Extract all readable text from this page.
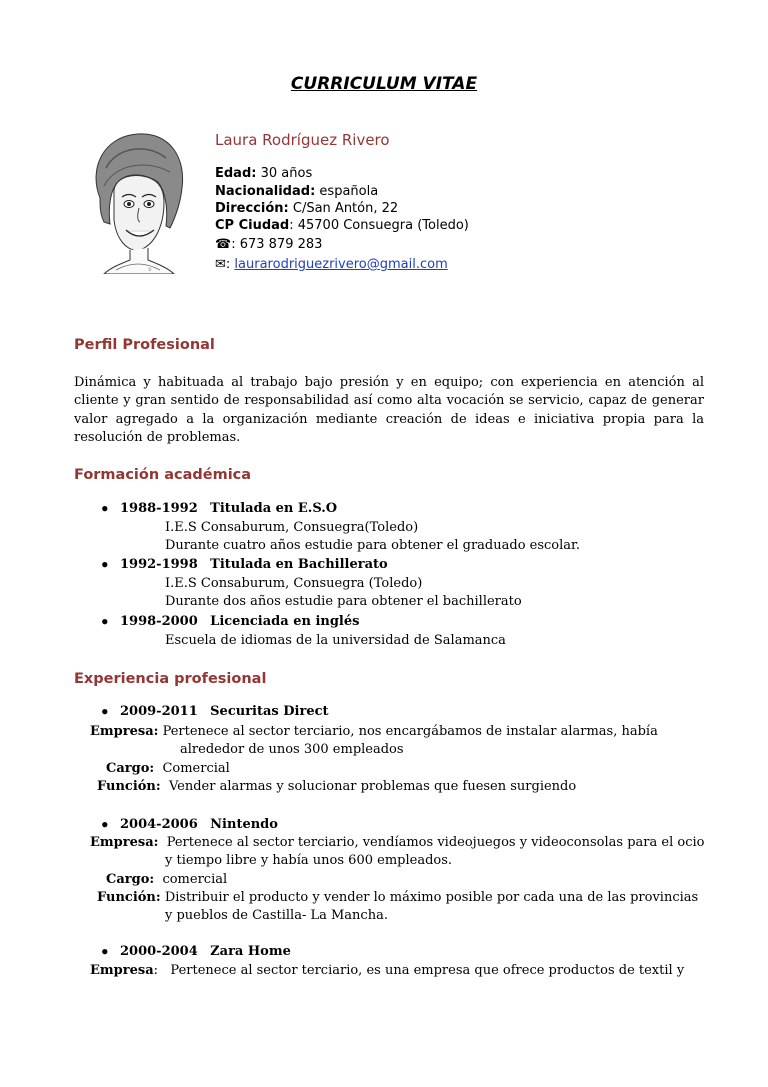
CURRICULUM VITAE
©
Laura Rodríguez Rivero
Edad: 30 años
Nacionalidad: española
Dirección: C/San Antón, 22
CP Ciudad: 45700 Consuegra (Toledo)
☎: 673 879 283
✉: laurarodriguezrivero@gmail.com
Perfil Profesional
Dinámica y habituada al trabajo bajo presión y en equipo; con experiencia en atención al cliente y gran sentido de responsabilidad así como alta vocación se servicio, capaz de generar valor agregado a la organización mediante creación de ideas e iniciativa propia para la resolución de problemas.
Formación académica
• 1988-1992 Titulada en E.S.O
I.E.S Consaburum, Consuegra(Toledo)
Durante cuatro años estudie para obtener el graduado escolar.
• 1992-1998 Titulada en Bachillerato
I.E.S Consaburum, Consuegra (Toledo)
Durante dos años estudie para obtener el bachillerato
• 1998-2000 Licenciada en inglés
Escuela de idiomas de la universidad de Salamanca
Experiencia profesional
• 2009-2011 Securitas Direct
Empresa: Pertenece al sector terciario, nos encargábamos de instalar alarmas, había
alrededor de unos 300 empleados
Cargo: Comercial
Función: Vender alarmas y solucionar problemas que fuesen surgiendo
• 2004-2006 Nintendo
Empresa: Pertenece al sector terciario, vendíamos videojuegos y videoconsolas para el ocio
y tiempo libre y había unos 600 empleados.
Cargo: comercial
Función: Distribuir el producto y vender lo máximo posible por cada una de las provincias
y pueblos de Castilla- La Mancha.
• 2000-2004 Zara Home
Empresa: Pertenece al sector terciario, es una empresa que ofrece productos de textil y
